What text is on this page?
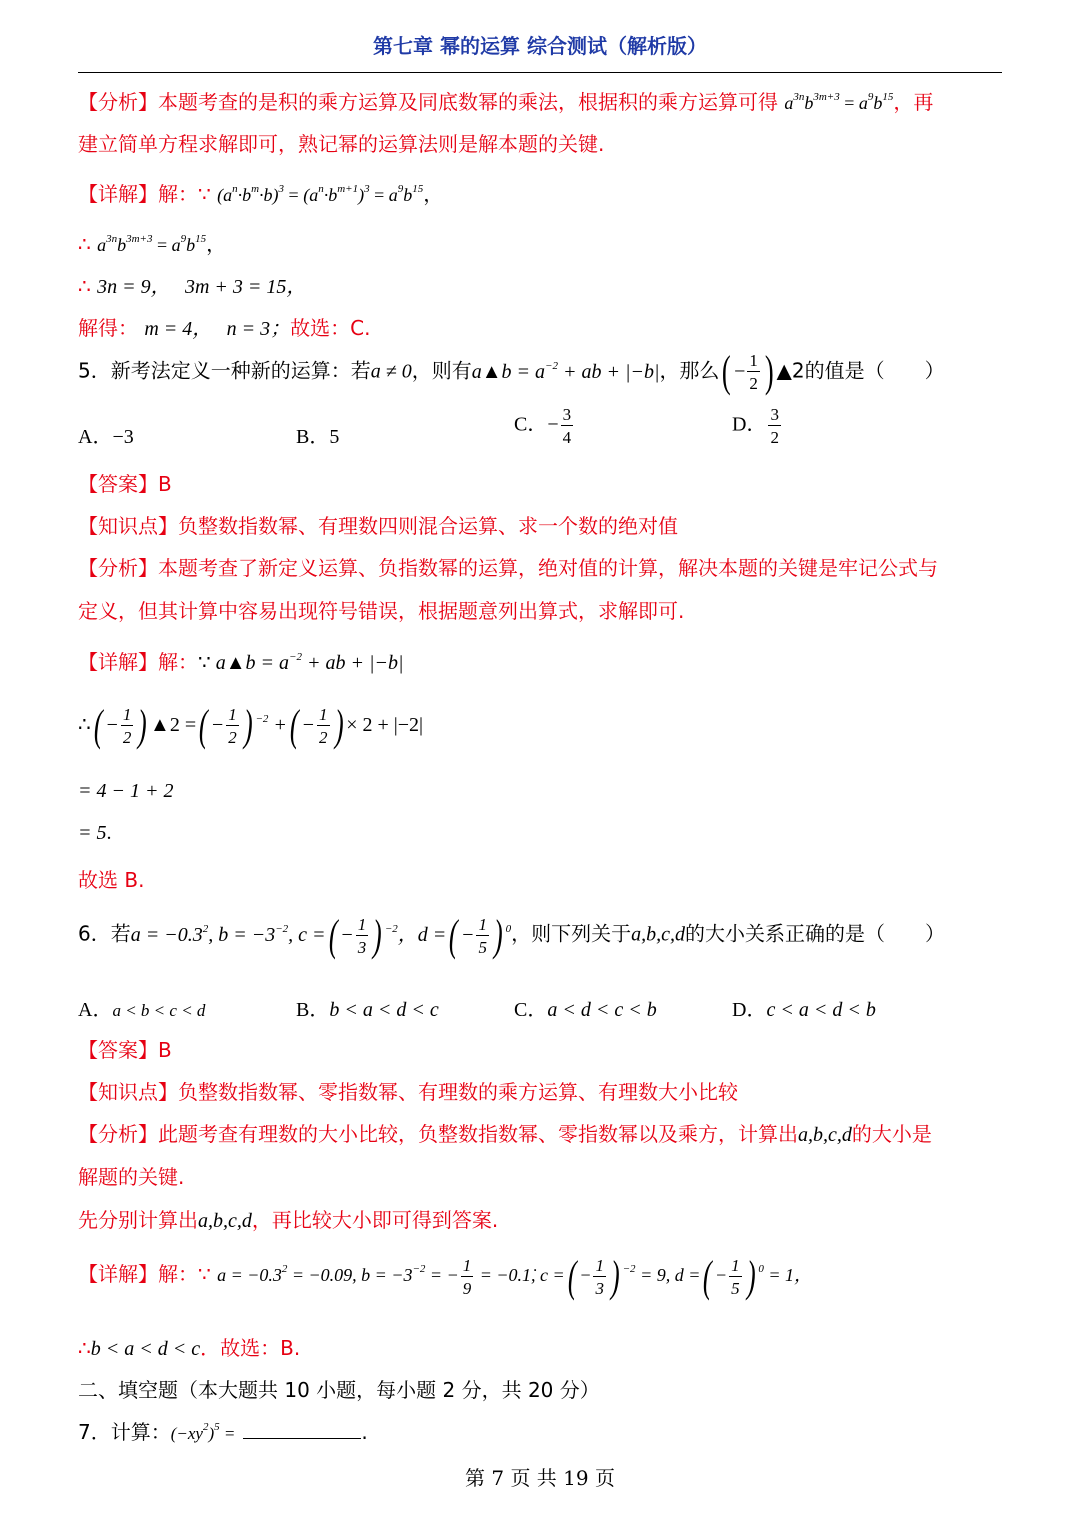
第七章 幂的运算 综合测试（解析版）
【分析】本题考查的是积的乘方运算及同底数幂的乘法，根据积的乘方运算可得 $a^{3n}b^{3m+3} = a^9b^{15}$，再
建立简单方程求解即可，熟记幂的运算法则是解本题的关键.
【详解】解：∵ $(a^n\cdot b^m\cdot b)^3 = (a^n\cdot b^{m+1})^3 = a^9b^{15}$，
∴ $a^{3n}b^{3m+3} = a^9b^{15}$，
∴ 3n = 9， 3m + 3 = 15，
解得： m = 4， n = 3；故选：C.
5．新考法定义一种新的运算：若a ≠ 0，则有a▲b = $a^{-2}$ + ab + |−b|，那么( − $\frac{1}{2}$ ) ▲2的值是（　　）
A．−3	B．5
C．− $\frac{3}{4}$	D． $\frac{3}{2}$
【答案】B
【知识点】负整数指数幂、有理数四则混合运算、求一个数的绝对值
【分析】本题考查了新定义运算、负指数幂的运算，绝对值的计算，解决本题的关键是牢记公式与
定义，但其计算中容易出现符号错误，根据题意列出算式，求解即可.
【详解】解：∵ a▲b = $a^{-2}$ + ab + |−b|
∴( − $\frac{1}{2}$ ) ▲2 =( − $\frac{1}{2}$ ) $^{-2}$ +( − $\frac{1}{2}$ ) × 2 + |−2|
= 4 − 1 + 2
= 5.
故选 B.
6．若$a = -0.3^2$, $b = -3^{-2}$, c =( − $\frac{1}{3}$ ) $^{-2}$，d =( − $\frac{1}{5}$ ) $^0$，则下列关于a,b,c,d的大小关系正确的是（　　）
A．a < b < c < d	B．b < a < d < c	C．a < d < c < b	D．c < a < d < b
【答案】B
【知识点】负整数指数幂、零指数幂、有理数的乘方运算、有理数大小比较
【分析】此题考查有理数的大小比较，负整数指数幂、零指数幂以及乘方，计算出a,b,c,d的大小是
解题的关键.
先分别计算出a,b,c,d，再比较大小即可得到答案.
【详解】解：∵ $a = -0.3^2 = -0.09$, $b = -3^{-2}$ = − $\frac{1}{9}$ = −0.1̇, c =( − $\frac{1}{3}$ ) $^{-2}$ = 9, d =( − $\frac{1}{5}$ ) $^0$ = 1，
∴b < a < d < c．故选：B.
二、填空题（本大题共 10 小题，每小题 2 分，共 20 分）
7．计算：$(-xy^2)^5$ =	.
第 7 页 共 19 页
